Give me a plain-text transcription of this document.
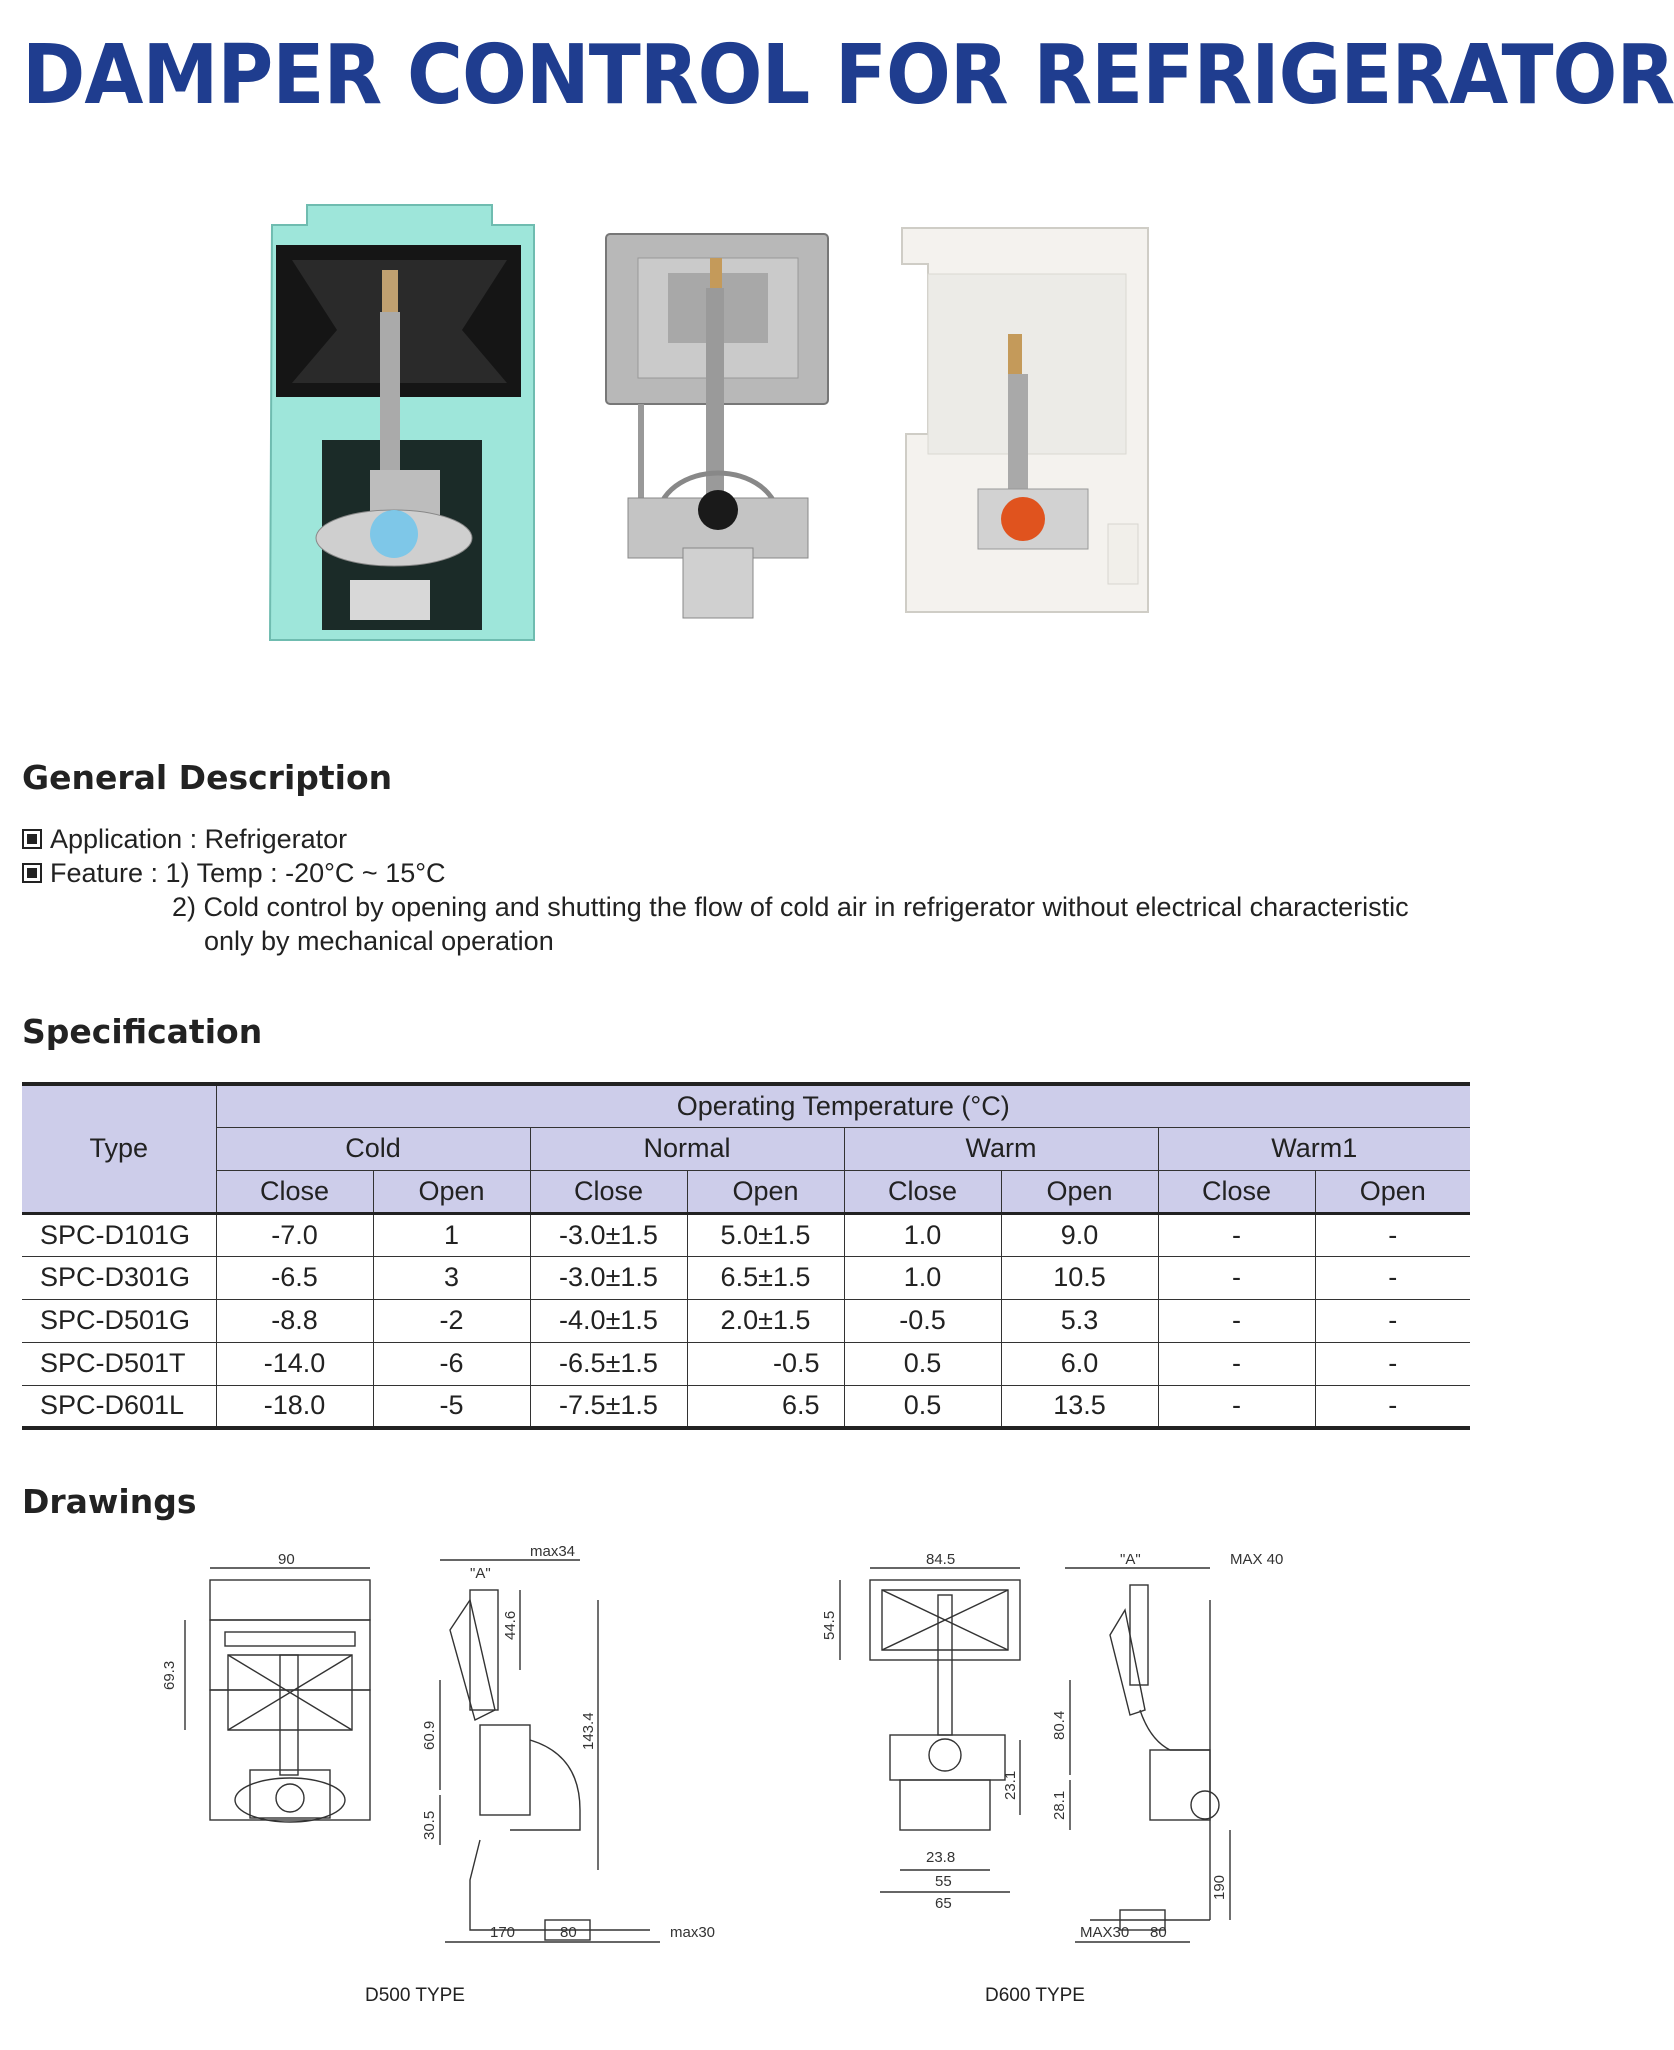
DAMPER CONTROL FOR REFRIGERATOR
General Description
Application : Refrigerator
Feature : 1) Temp : -20°C ~ 15°C
2) Cold control by opening and shutting the flow of cold air in refrigerator without electrical characteristic
only by mechanical operation
Specification
Type	Operating Temperature (°C)							
	Cold		Normal		Warm		Warm1	
	Close	Open	Close	Open	Close	Open	Close	Open
SPC-D101G	-7.0	1	-3.0±1.5	5.0±1.5	1.0	9.0	-	-
SPC-D301G	-6.5	3	-3.0±1.5	6.5±1.5	1.0	10.5	-	-
SPC-D501G	-8.8	-2	-4.0±1.5	2.0±1.5	-0.5	5.3	-	-
SPC-D501T	-14.0	-6	-6.5±1.5	-0.5	0.5	6.0	-	-
SPC-D601L	-18.0	-5	-7.5±1.5	6.5	0.5	13.5	-	-
Drawings
90
69.3
max34
"A"
44.6
143.4
60.9
30.5
170	80	max30
D500 TYPE
84.5
54.5
23.8
55
65
23.1
"A"	MAX 40
80.4
28.1
190
MAX30 80
D600 TYPE
